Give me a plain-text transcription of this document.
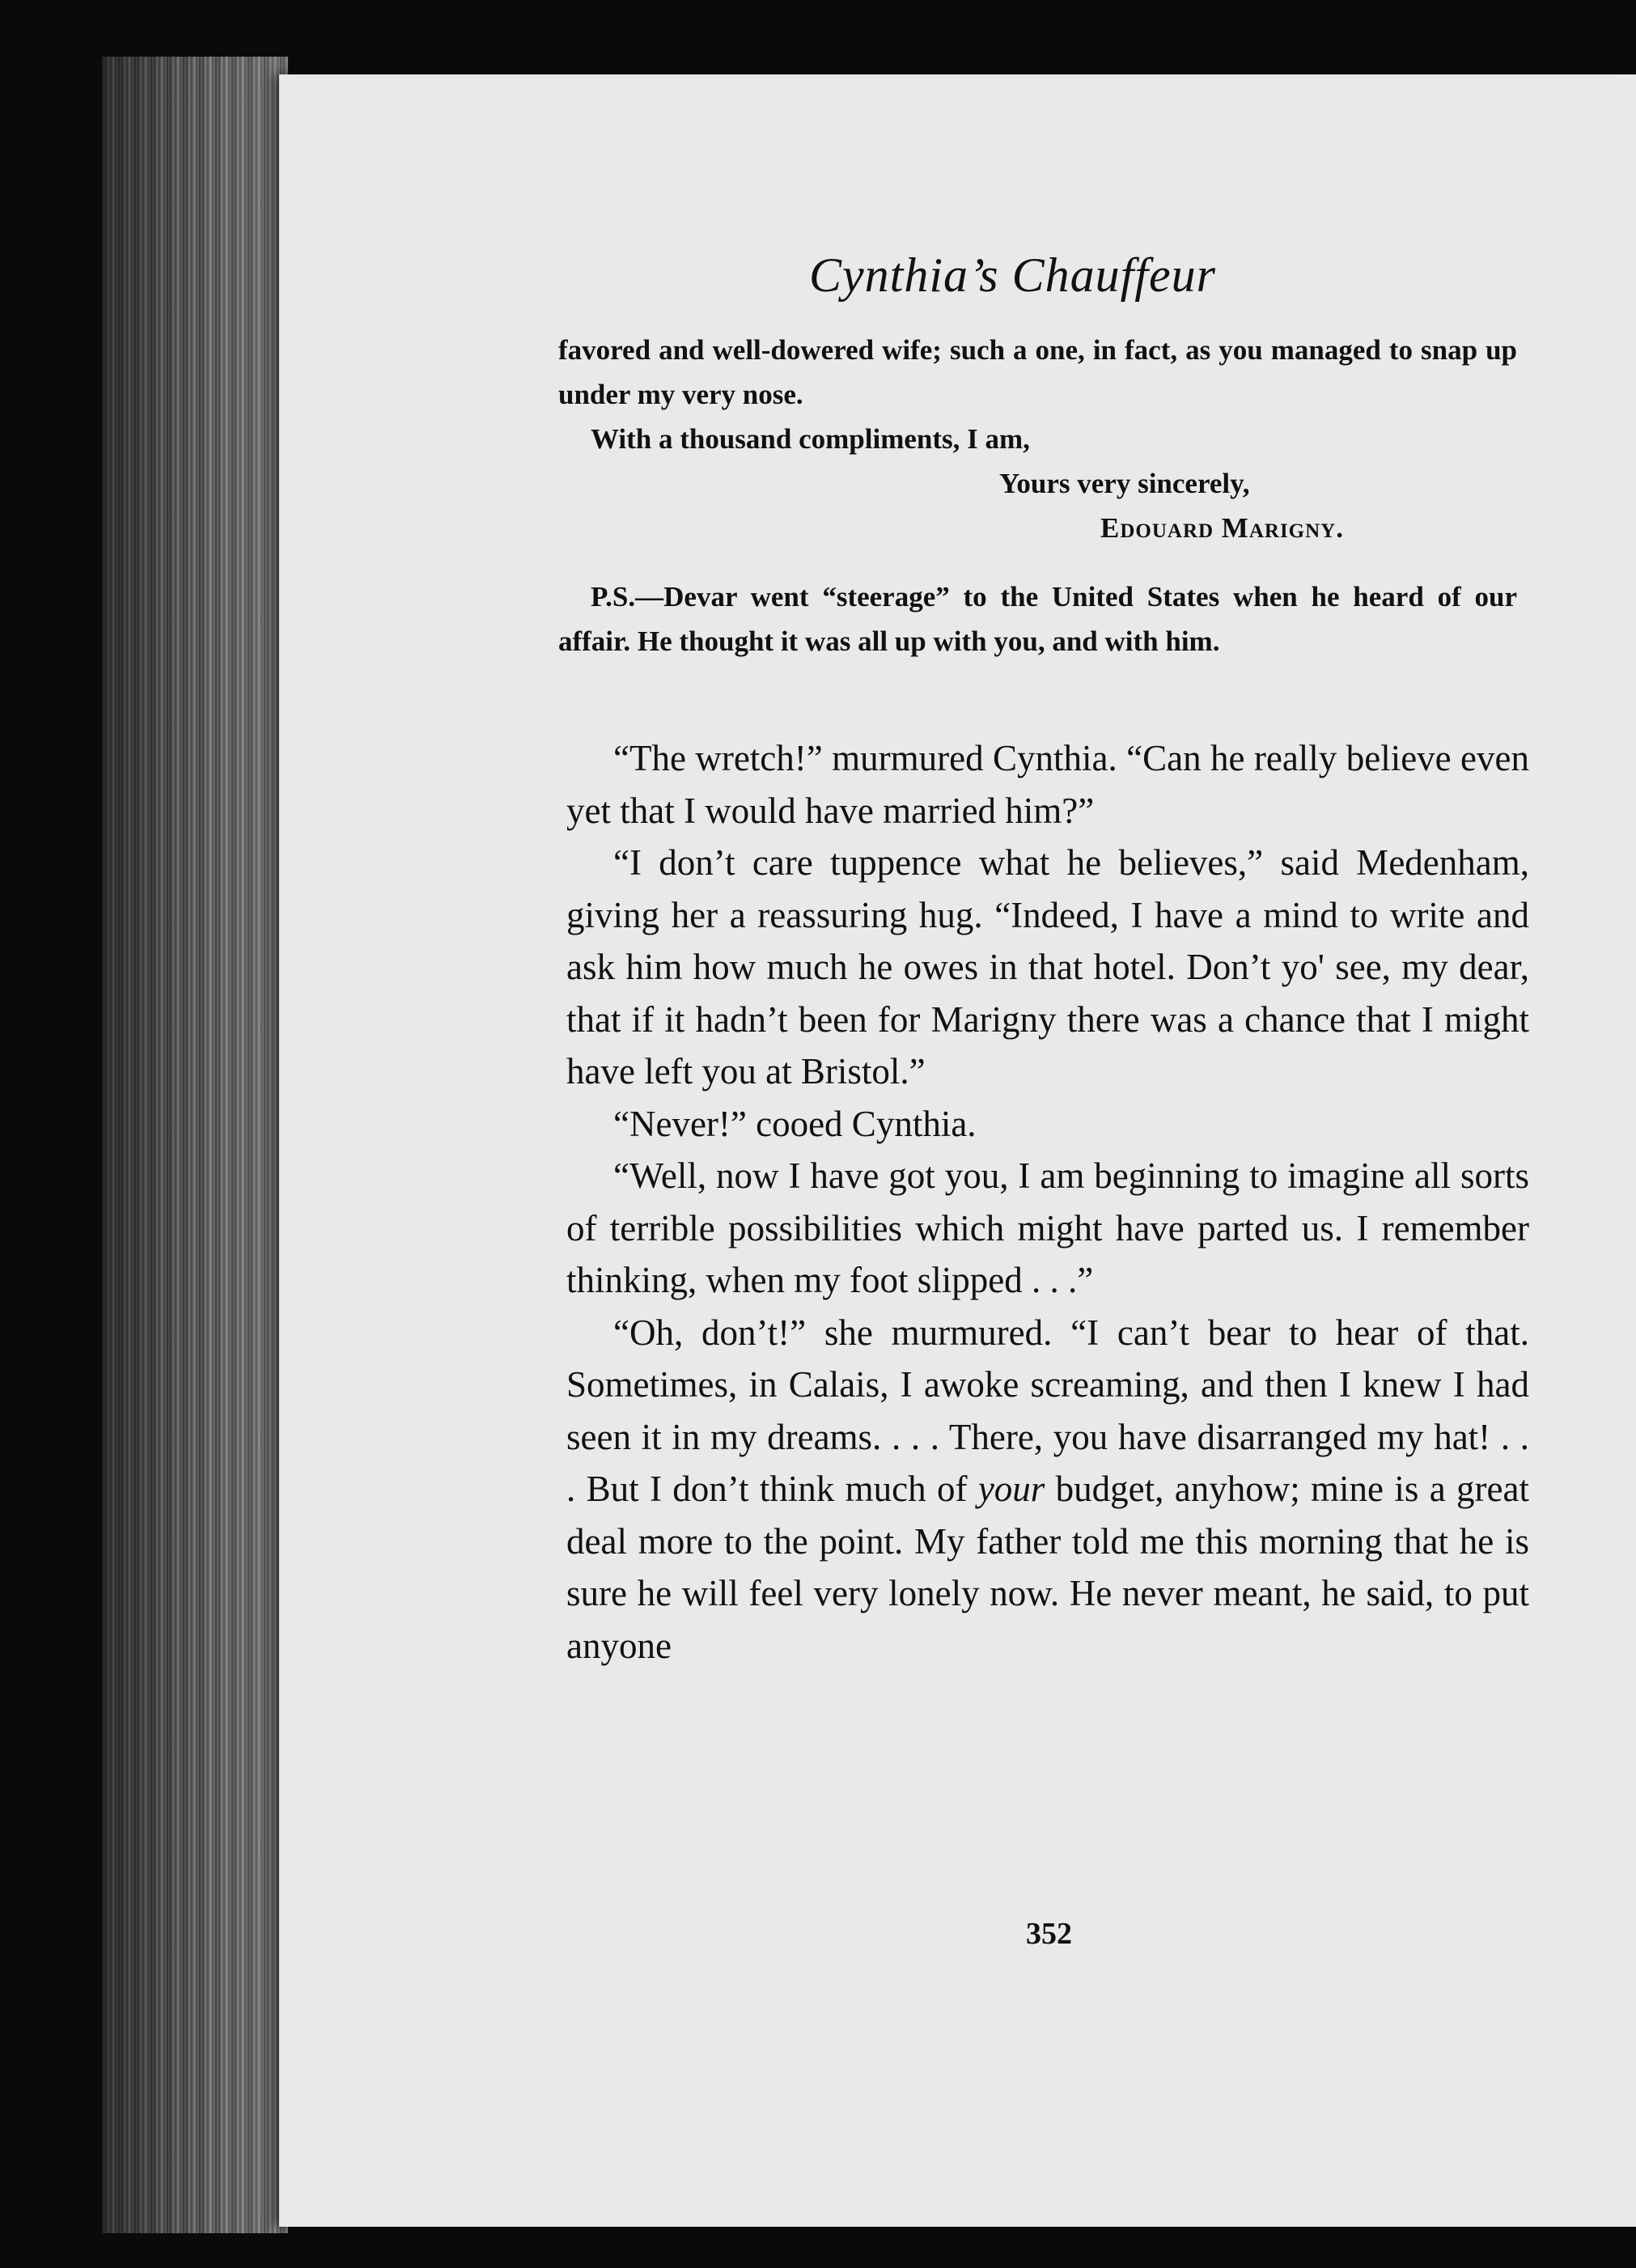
Cynthia’s Chauffeur

favored and well-dowered wife; such a one, in fact, as you managed to snap up under my very nose.

With a thousand compliments, I am,

Yours very sincerely,

Edouard Marigny.

P.S.—Devar went “steerage” to the United States when he heard of our affair. He thought it was all up with you, and with him.

“The wretch!” murmured Cynthia. “Can he really believe even yet that I would have married him?”

“I don’t care tuppence what he believes,” said Medenham, giving her a reassuring hug. “Indeed, I have a mind to write and ask him how much he owes in that hotel. Don’t yo' see, my dear, that if it hadn’t been for Marigny there was a chance that I might have left you at Bristol.”

“Never!” cooed Cynthia.

“Well, now I have got you, I am beginning to imagine all sorts of terrible possibilities which might have parted us. I remember thinking, when my foot slipped . . .”

“Oh, don’t!” she murmured. “I can’t bear to hear of that. Sometimes, in Calais, I awoke screaming, and then I knew I had seen it in my dreams. . . . There, you have disarranged my hat! . . . But I don’t think much of your budget, anyhow; mine is a great deal more to the point. My father told me this morning that he is sure he will feel very lonely now. He never meant, he said, to put anyone

352
